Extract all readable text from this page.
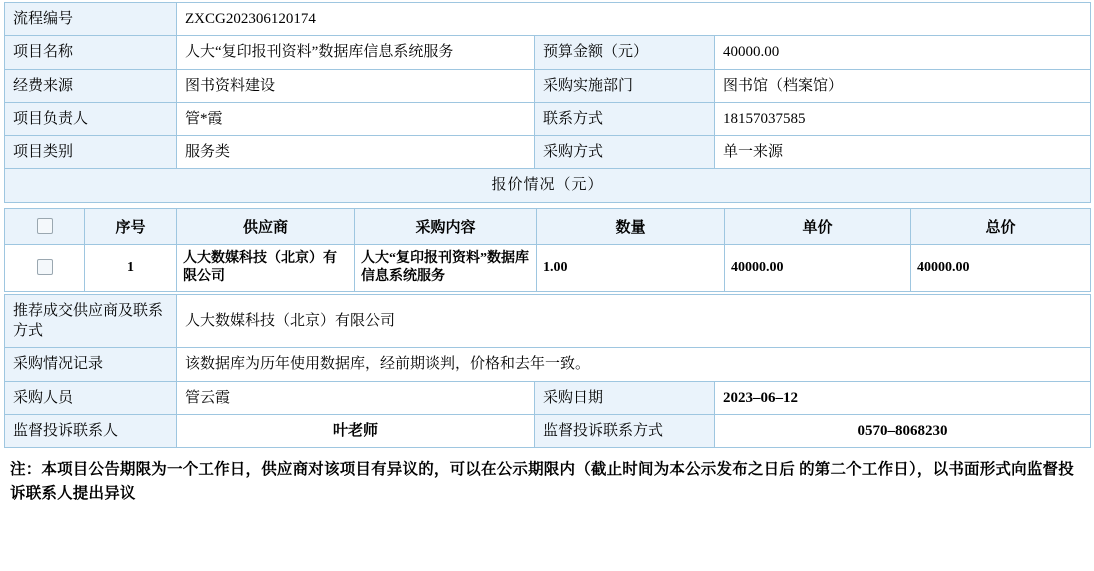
流程编号	ZXCG202306120174		
项目名称	人大“复印报刊资料”数据库信息系统服务	预算金额（元）	40000.00
经费来源	图书资料建设	采购实施部门	图书馆（档案馆）
项目负责人	管*霞	联系方式	18157037585
项目类别	服务类	采购方式	单一来源
报价情况（元）			
	序号	供应商	采购内容	数量	单价	总价
	1	人大数媒科技（北京）有限公司	人大“复印报刊资料”数据库信息系统服务	1.00	40000.00	40000.00
推荐成交供应商及联系方式	人大数媒科技（北京）有限公司		
采购情况记录	该数据库为历年使用数据库，经前期谈判，价格和去年一致。		
采购人员	管云霞	采购日期	2023–06–12
监督投诉联系人	叶老师	监督投诉联系方式	0570–8068230
注：本项目公告期限为一个工作日，供应商对该项目有异议的，可以在公示期限内（截止时间为本公示发布之日后 的第二个工作日），以书面形式向监督投诉联系人提出异议
